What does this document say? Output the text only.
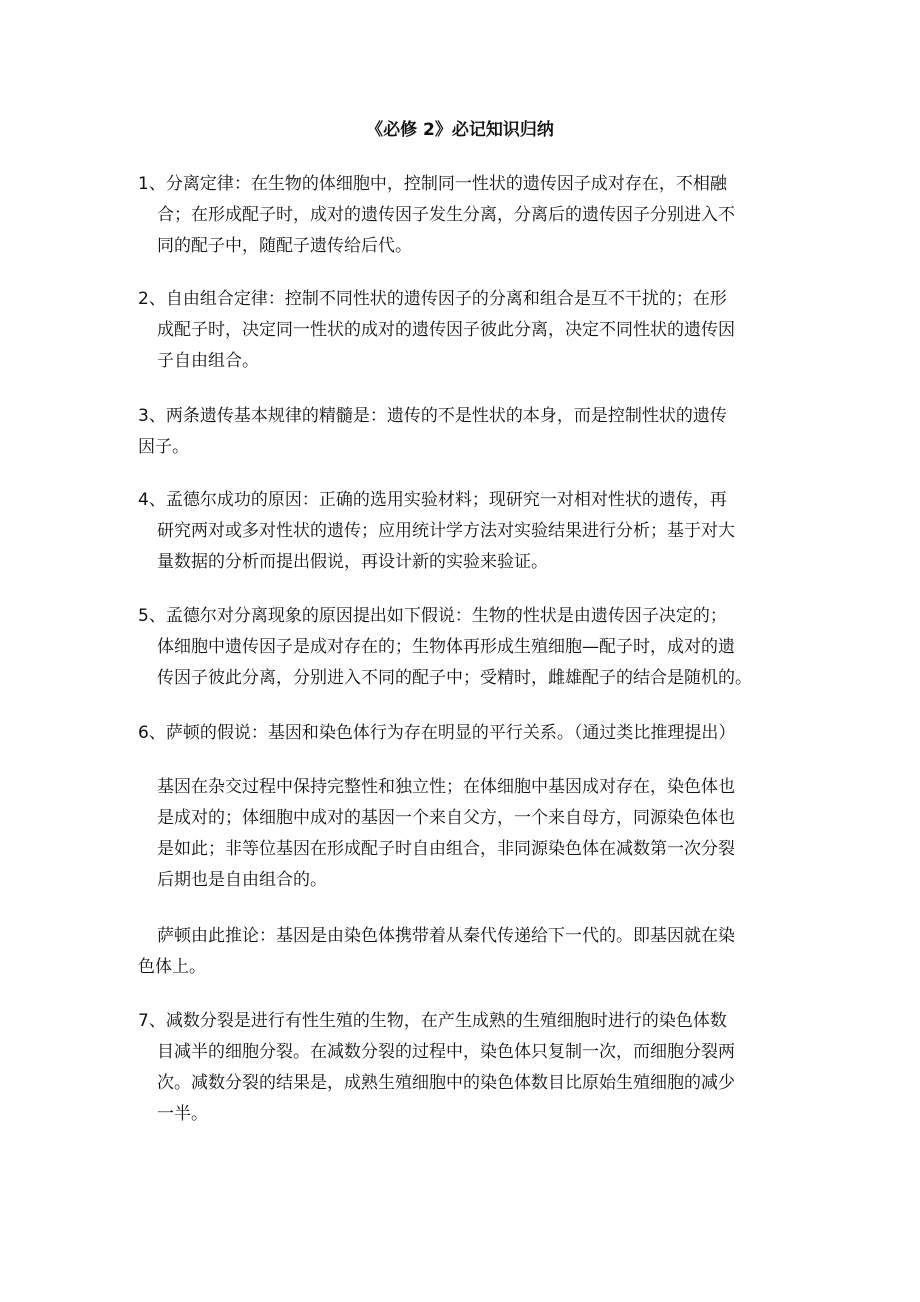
《必修 2》必记知识归纳

1、分离定律：在生物的体细胞中，控制同一性状的遗传因子成对存在，不相融
合；在形成配子时，成对的遗传因子发生分离，分离后的遗传因子分别进入不
同的配子中，随配子遗传给后代。

2、自由组合定律：控制不同性状的遗传因子的分离和组合是互不干扰的；在形
成配子时，决定同一性状的成对的遗传因子彼此分离，决定不同性状的遗传因
子自由组合。

3、两条遗传基本规律的精髓是：遗传的不是性状的本身，而是控制性状的遗传
因子。

4、孟德尔成功的原因：正确的选用实验材料；现研究一对相对性状的遗传，再
研究两对或多对性状的遗传；应用统计学方法对实验结果进行分析；基于对大
量数据的分析而提出假说，再设计新的实验来验证。

5、孟德尔对分离现象的原因提出如下假说：生物的性状是由遗传因子决定的；
体细胞中遗传因子是成对存在的；生物体再形成生殖细胞—配子时，成对的遗
传因子彼此分离，分别进入不同的配子中；受精时，雌雄配子的结合是随机的。

6、萨顿的假说：基因和染色体行为存在明显的平行关系。（通过类比推理提出）

基因在杂交过程中保持完整性和独立性；在体细胞中基因成对存在，染色体也
是成对的；体细胞中成对的基因一个来自父方，一个来自母方，同源染色体也
是如此；非等位基因在形成配子时自由组合，非同源染色体在减数第一次分裂
后期也是自由组合的。

萨顿由此推论：基因是由染色体携带着从秦代传递给下一代的。即基因就在染
色体上。

7、减数分裂是进行有性生殖的生物，在产生成熟的生殖细胞时进行的染色体数
目减半的细胞分裂。在减数分裂的过程中，染色体只复制一次，而细胞分裂两
次。减数分裂的结果是，成熟生殖细胞中的染色体数目比原始生殖细胞的减少
一半。
